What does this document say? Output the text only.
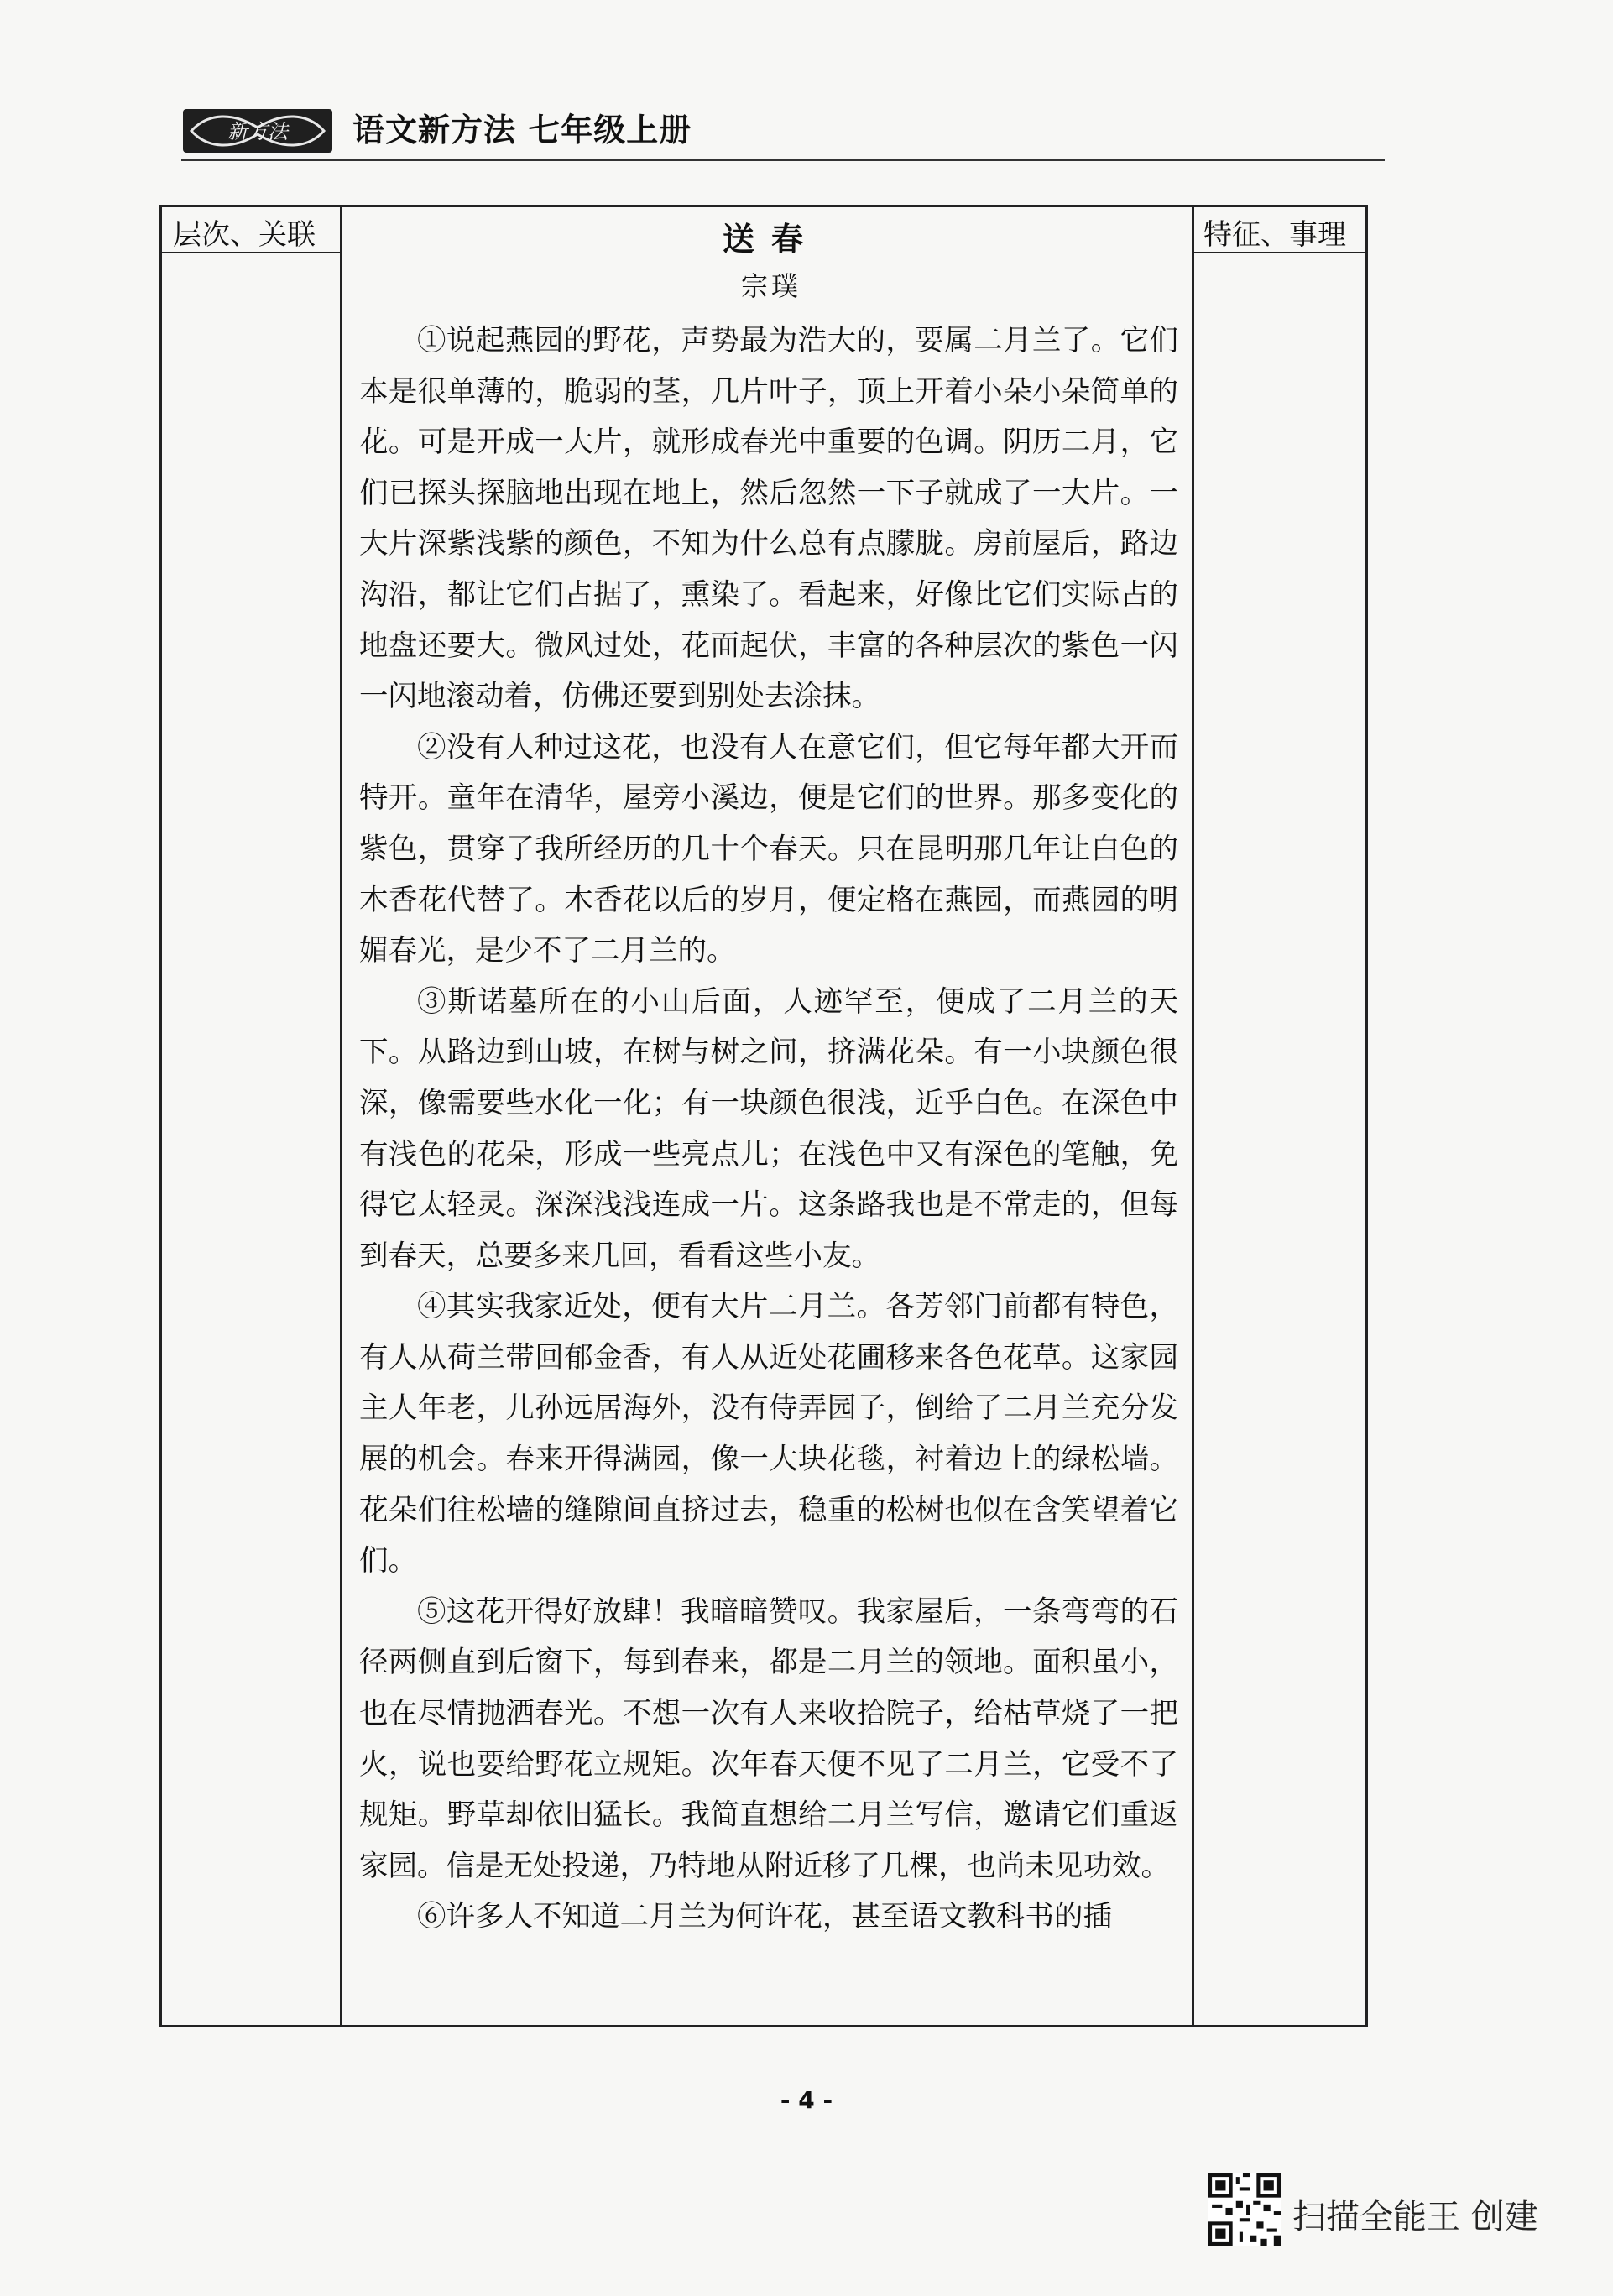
新方法 语文新方法 七年级上册
层次、关联	特征、事理
送春
宗璞

①说起燕园的野花，声势最为浩大的，要属二月兰了。它们本是很单薄的，脆弱的茎，几片叶子，顶上开着小朵小朵简单的花。可是开成一大片，就形成春光中重要的色调。阴历二月，它们已探头探脑地出现在地上，然后忽然一下子就成了一大片。一大片深紫浅紫的颜色，不知为什么总有点朦胧。房前屋后，路边沟沿，都让它们占据了，熏染了。看起来，好像比它们实际占的地盘还要大。微风过处，花面起伏，丰富的各种层次的紫色一闪一闪地滚动着，仿佛还要到别处去涂抹。

②没有人种过这花，也没有人在意它们，但它每年都大开而特开。童年在清华，屋旁小溪边，便是它们的世界。那多变化的紫色，贯穿了我所经历的几十个春天。只在昆明那几年让白色的木香花代替了。木香花以后的岁月，便定格在燕园，而燕园的明媚春光，是少不了二月兰的。

③斯诺墓所在的小山后面，人迹罕至，便成了二月兰的天下。从路边到山坡，在树与树之间，挤满花朵。有一小块颜色很深，像需要些水化一化；有一块颜色很浅，近乎白色。在深色中有浅色的花朵，形成一些亮点儿；在浅色中又有深色的笔触，免得它太轻灵。深深浅浅连成一片。这条路我也是不常走的，但每到春天，总要多来几回，看看这些小友。

④其实我家近处，便有大片二月兰。各芳邻门前都有特色，有人从荷兰带回郁金香，有人从近处花圃移来各色花草。这家园主人年老，儿孙远居海外，没有侍弄园子，倒给了二月兰充分发展的机会。春来开得满园，像一大块花毯，衬着边上的绿松墙。花朵们往松墙的缝隙间直挤过去，稳重的松树也似在含笑望着它们。

⑤这花开得好放肆！我暗暗赞叹。我家屋后，一条弯弯的石径两侧直到后窗下，每到春来，都是二月兰的领地。面积虽小，也在尽情抛洒春光。不想一次有人来收拾院子，给枯草烧了一把火，说也要给野花立规矩。次年春天便不见了二月兰，它受不了规矩。野草却依旧猛长。我简直想给二月兰写信，邀请它们重返家园。信是无处投递，乃特地从附近移了几棵，也尚未见功效。

⑥许多人不知道二月兰为何许花，甚至语文教科书的插

- 4 -
扫描全能王 创建
